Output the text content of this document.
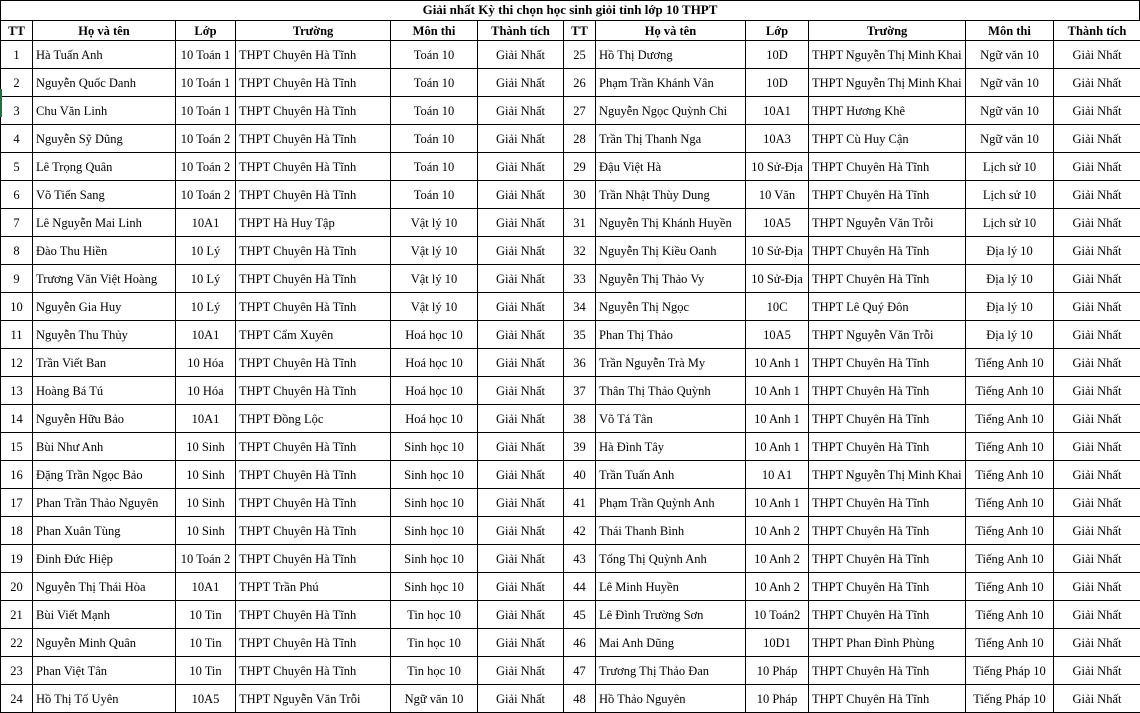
Giải nhất Kỳ thi chọn học sinh giỏi tỉnh lớp 10 THPT
TT	Họ và tên	Lớp	Trường	Môn thi	Thành tích	TT	Họ và tên	Lớp	Trường	Môn thi	Thành tích
1	Hà Tuấn Anh	10 Toán 1	THPT Chuyên Hà Tĩnh	Toán 10	Giải Nhất	25	Hồ Thị Dương	10D	THPT Nguyễn Thị Minh Khai	Ngữ văn 10	Giải Nhất
2	Nguyễn Quốc Danh	10 Toán 1	THPT Chuyên Hà Tĩnh	Toán 10	Giải Nhất	26	Phạm Trần Khánh Vân	10D	THPT Nguyễn Thị Minh Khai	Ngữ văn 10	Giải Nhất
3	Chu Văn Linh	10 Toán 1	THPT Chuyên Hà Tĩnh	Toán 10	Giải Nhất	27	Nguyễn Ngọc Quỳnh Chi	10A1	THPT Hương Khê	Ngữ văn 10	Giải Nhất
4	Nguyễn Sỹ Dũng	10 Toán 2	THPT Chuyên Hà Tĩnh	Toán 10	Giải Nhất	28	Trần Thị Thanh Nga	10A3	THPT Cù Huy Cận	Ngữ văn 10	Giải Nhất
5	Lê Trọng Quân	10 Toán 2	THPT Chuyên Hà Tĩnh	Toán 10	Giải Nhất	29	Đậu Việt Hà	10 Sử-Địa	THPT Chuyên Hà Tĩnh	Lịch sử 10	Giải Nhất
6	Võ Tiến Sang	10 Toán 2	THPT Chuyên Hà Tĩnh	Toán 10	Giải Nhất	30	Trần Nhật Thùy Dung	10 Văn	THPT Chuyên Hà Tĩnh	Lịch sử 10	Giải Nhất
7	Lê Nguyễn Mai Linh	10A1	THPT Hà Huy Tập	Vật lý 10	Giải Nhất	31	Nguyễn Thị Khánh Huyền	10A5	THPT Nguyễn Văn Trỗi	Lịch sử 10	Giải Nhất
8	Đào Thu Hiền	10 Lý	THPT Chuyên Hà Tĩnh	Vật lý 10	Giải Nhất	32	Nguyễn Thị Kiều Oanh	10 Sử-Địa	THPT Chuyên Hà Tĩnh	Địa lý 10	Giải Nhất
9	Trương Văn Việt Hoàng	10 Lý	THPT Chuyên Hà Tĩnh	Vật lý 10	Giải Nhất	33	Nguyễn Thị Thảo Vy	10 Sử-Địa	THPT Chuyên Hà Tĩnh	Địa lý 10	Giải Nhất
10	Nguyễn Gia Huy	10 Lý	THPT Chuyên Hà Tĩnh	Vật lý 10	Giải Nhất	34	Nguyễn Thị Ngọc	10C	THPT Lê Quý Đôn	Địa lý 10	Giải Nhất
11	Nguyễn Thu Thủy	10A1	THPT Cẩm Xuyên	Hoá học 10	Giải Nhất	35	Phan Thị Thảo	10A5	THPT Nguyễn Văn Trỗi	Địa lý 10	Giải Nhất
12	Trần Viết Ban	10 Hóa	THPT Chuyên Hà Tĩnh	Hoá học 10	Giải Nhất	36	Trần Nguyễn Trà My	10 Anh 1	THPT Chuyên Hà Tĩnh	Tiếng Anh 10	Giải Nhất
13	Hoàng Bá Tú	10 Hóa	THPT Chuyên Hà Tĩnh	Hoá học 10	Giải Nhất	37	Thân Thị Thảo Quỳnh	10 Anh 1	THPT Chuyên Hà Tĩnh	Tiếng Anh 10	Giải Nhất
14	Nguyễn Hữu Bảo	10A1	THPT Đồng Lộc	Hoá học 10	Giải Nhất	38	Võ Tá Tân	10 Anh 1	THPT Chuyên Hà Tĩnh	Tiếng Anh 10	Giải Nhất
15	Bùi Như Anh	10 Sinh	THPT Chuyên Hà Tĩnh	Sinh học 10	Giải Nhất	39	Hà Đình Tây	10 Anh 1	THPT Chuyên Hà Tĩnh	Tiếng Anh 10	Giải Nhất
16	Đặng Trần Ngọc Bảo	10 Sinh	THPT Chuyên Hà Tĩnh	Sinh học 10	Giải Nhất	40	Trần Tuấn Anh	10 A1	THPT Nguyễn Thị Minh Khai	Tiếng Anh 10	Giải Nhất
17	Phan Trần Thảo Nguyên	10 Sinh	THPT Chuyên Hà Tĩnh	Sinh học 10	Giải Nhất	41	Phạm Trần Quỳnh Anh	10 Anh 1	THPT Chuyên Hà Tĩnh	Tiếng Anh 10	Giải Nhất
18	Phan Xuân Tùng	10 Sinh	THPT Chuyên Hà Tĩnh	Sinh học 10	Giải Nhất	42	Thái Thanh Bình	10 Anh 2	THPT Chuyên Hà Tĩnh	Tiếng Anh 10	Giải Nhất
19	Đinh Đức Hiệp	10 Toán 2	THPT Chuyên Hà Tĩnh	Sinh học 10	Giải Nhất	43	Tống Thị Quỳnh Anh	10 Anh 2	THPT Chuyên Hà Tĩnh	Tiếng Anh 10	Giải Nhất
20	Nguyễn Thị Thái Hòa	10A1	THPT Trần Phú	Sinh học 10	Giải Nhất	44	Lê Minh Huyền	10 Anh 2	THPT Chuyên Hà Tĩnh	Tiếng Anh 10	Giải Nhất
21	Bùi Viết Mạnh	10 Tin	THPT Chuyên Hà Tĩnh	Tin học 10	Giải Nhất	45	Lê Đình Trường Sơn	10 Toán2	THPT Chuyên Hà Tĩnh	Tiếng Anh 10	Giải Nhất
22	Nguyễn Minh Quân	10 Tin	THPT Chuyên Hà Tĩnh	Tin học 10	Giải Nhất	46	Mai Anh Dũng	10D1	THPT Phan Đình Phùng	Tiếng Anh 10	Giải Nhất
23	Phan Việt Tân	10 Tin	THPT Chuyên Hà Tĩnh	Tin học 10	Giải Nhất	47	Trương Thị Thảo Đan	10 Pháp	THPT Chuyên Hà Tĩnh	Tiếng Pháp 10	Giải Nhất
24	Hồ Thị Tố Uyên	10A5	THPT Nguyễn Văn Trỗi	Ngữ văn 10	Giải Nhất	48	Hồ Thảo Nguyên	10 Pháp	THPT Chuyên Hà Tĩnh	Tiếng Pháp 10	Giải Nhất
